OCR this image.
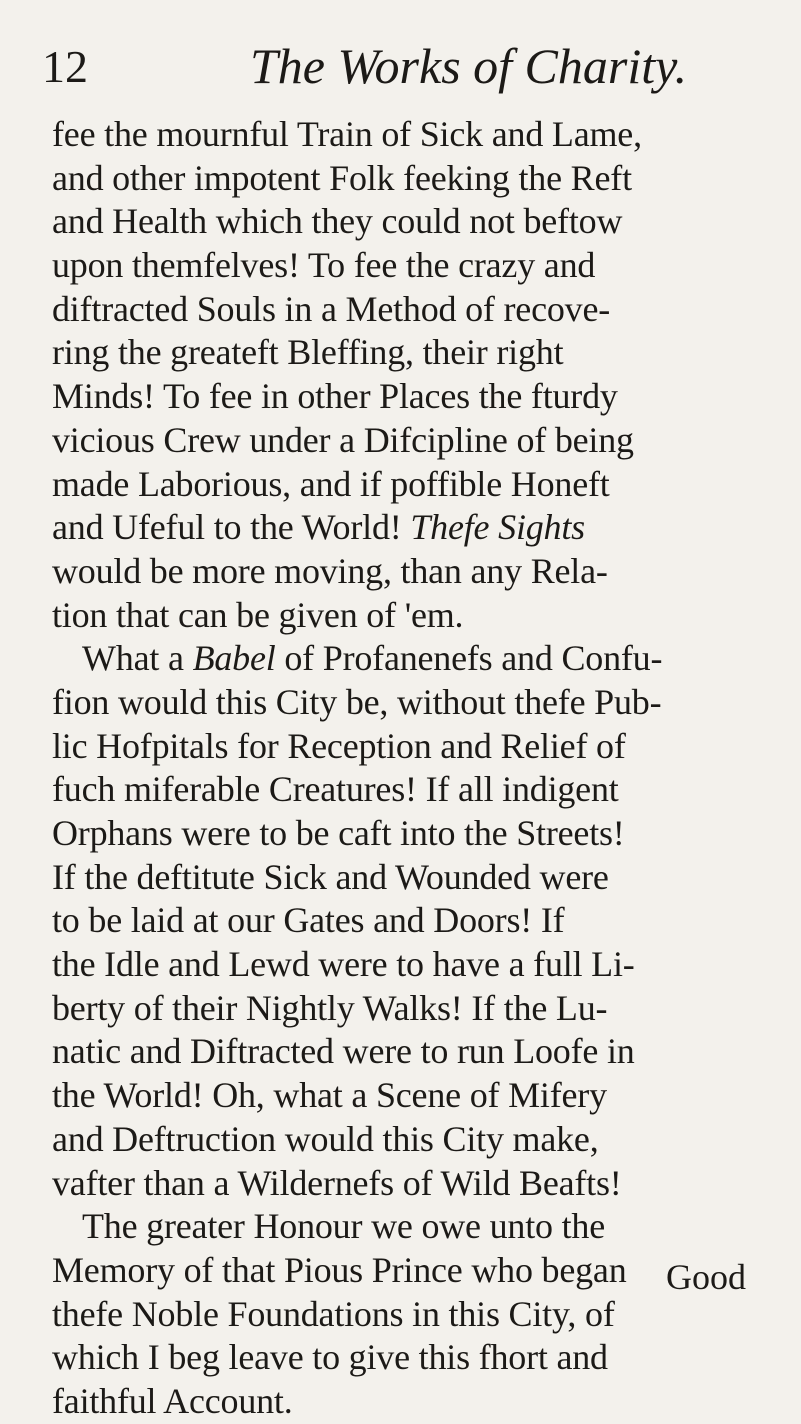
12	The Works of Charity.
fee the mournful Train of Sick and Lame,
and other impotent Folk feeking the Reft
and Health which they could not beftow
upon themfelves! To fee the crazy and
diftracted Souls in a Method of recove-
ring the greateft Bleffing, their right
Minds! To fee in other Places the fturdy
vicious Crew under a Difcipline of being
made Laborious, and if poffible Honeft
and Ufeful to the World! Thefe Sights
would be more moving, than any Rela-
tion that can be given of 'em.
What a Babel of Profanenefs and Confu-
fion would this City be, without thefe Pub-
lic Hofpitals for Reception and Relief of
fuch miferable Creatures! If all indigent
Orphans were to be caft into the Streets!
If the deftitute Sick and Wounded were
to be laid at our Gates and Doors! If
the Idle and Lewd were to have a full Li-
berty of their Nightly Walks! If the Lu-
natic and Diftracted were to run Loofe in
the World! Oh, what a Scene of Mifery
and Deftruction would this City make,
vafter than a Wildernefs of Wild Beafts!
The greater Honour we owe unto the
Memory of that Pious Prince who began
thefe Noble Foundations in this City, of
which I beg leave to give this fhort and
faithful Account.
Good
